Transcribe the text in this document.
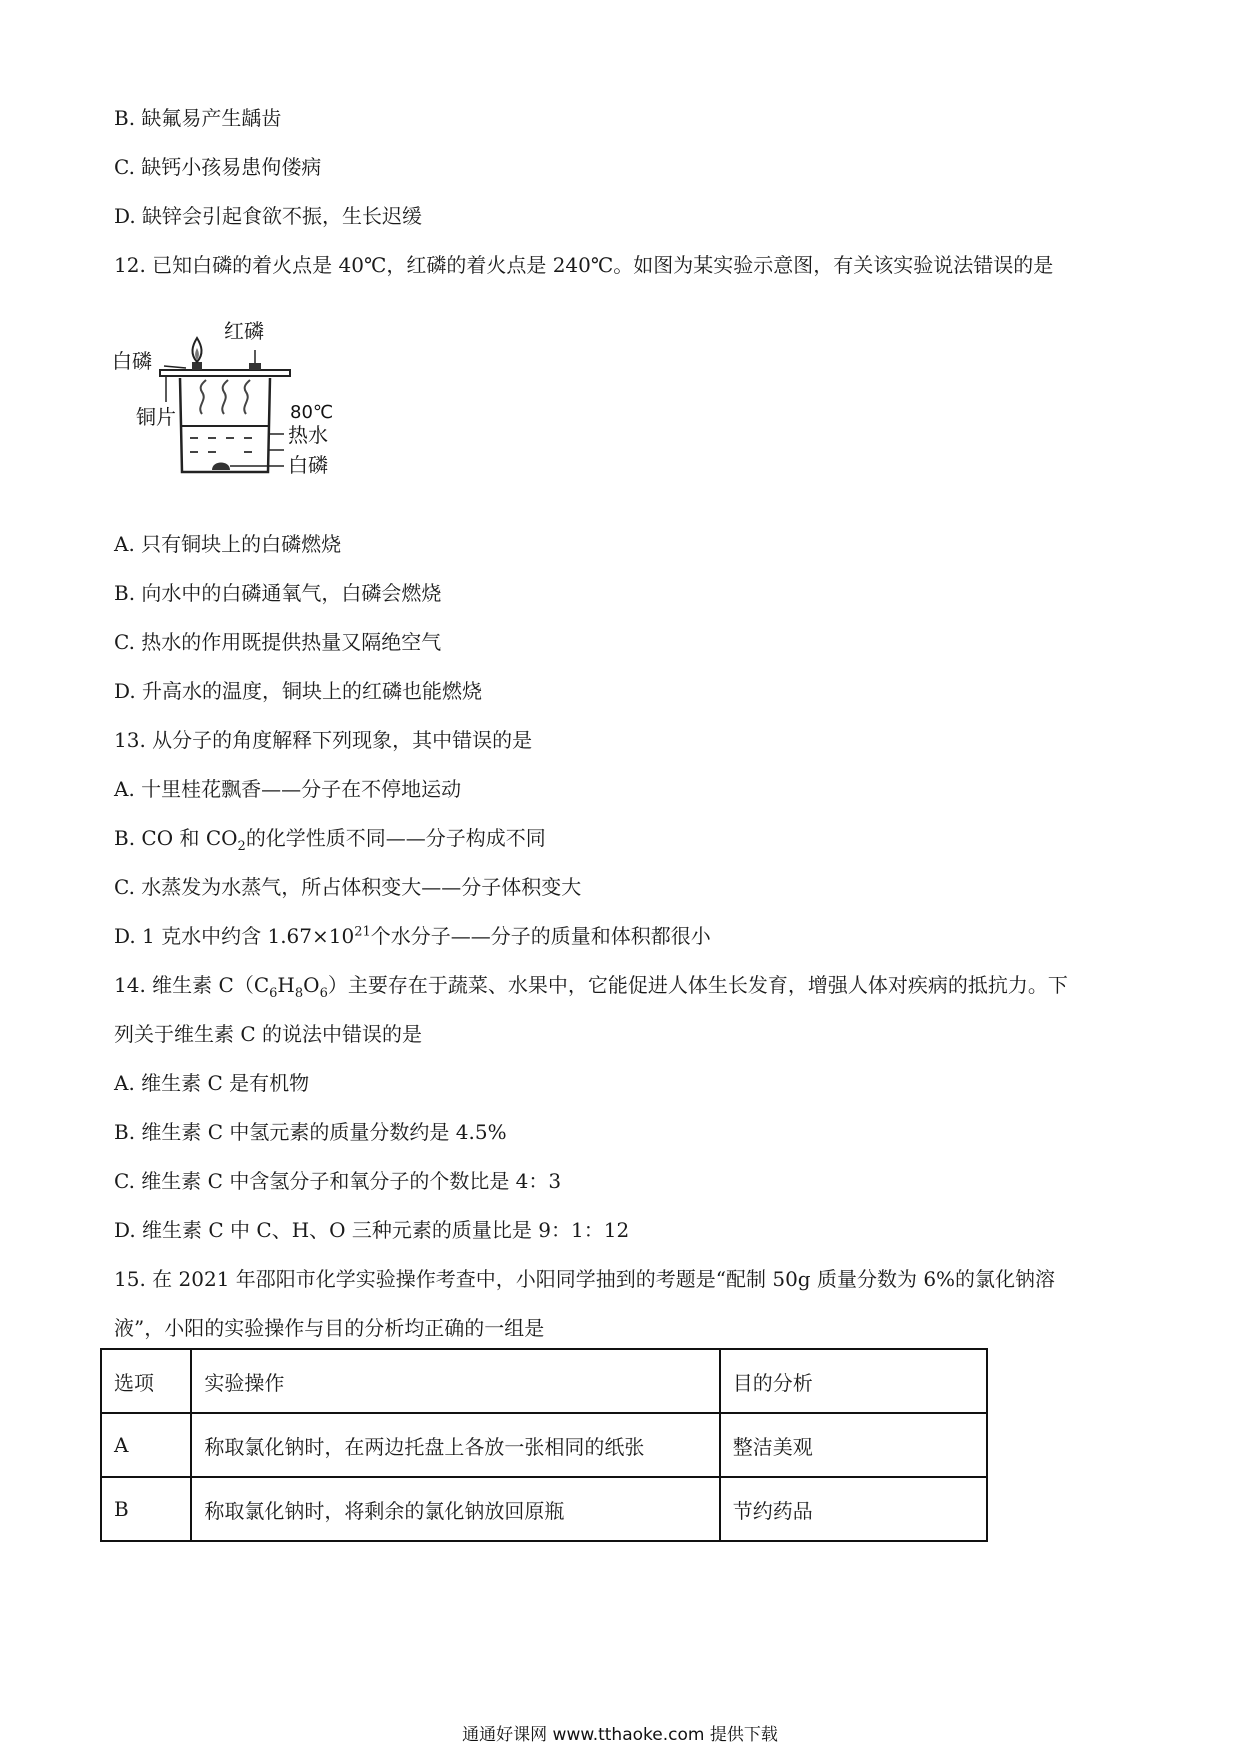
B. 缺氟易产生龋齿
C. 缺钙小孩易患佝偻病
D. 缺锌会引起食欲不振，生长迟缓
12. 已知白磷的着火点是 40℃，红磷的着火点是 240℃。如图为某实验示意图，有关该实验说法错误的是
红磷
白磷
铜片	80℃
热水
白磷
A. 只有铜块上的白磷燃烧
B. 向水中的白磷通氧气，白磷会燃烧
C. 热水的作用既提供热量又隔绝空气
D. 升高水的温度，铜块上的红磷也能燃烧
13. 从分子的角度解释下列现象，其中错误的是
A. 十里桂花飘香——分子在不停地运动
B. CO 和 $CO_2$的化学性质不同——分子构成不同
C. 水蒸发为水蒸气，所占体积变大——分子体积变大
D. 1 克水中约含 $1.67\times 10^{21}$个水分子——分子的质量和体积都很小
14. 维生素 $C(C_6H_8O_6)$主要存在于蔬菜、水果中，它能促进人体生长发育，增强人体对疾病的抵抗力。下
列关于维生素 C 的说法中错误的是
A. 维生素 C 是有机物
B. 维生素 C 中氢元素的质量分数约是 4.5%
C. 维生素 C 中含氢分子和氧分子的个数比是 4：3
D. 维生素 C 中 C、H、O 三种元素的质量比是 9：1：12
15. 在 2021 年邵阳市化学实验操作考查中，小阳同学抽到的考题是“配制 50g 质量分数为 6%的氯化钠溶
液”，小阳的实验操作与目的分析均正确的一组是
选项	实验操作	目的分析
A	称取氯化钠时，在两边托盘上各放一张相同的纸张	整洁美观
B	称取氯化钠时，将剩余的氯化钠放回原瓶	节约药品
通通好课网 www.tthaoke.com 提供下载
